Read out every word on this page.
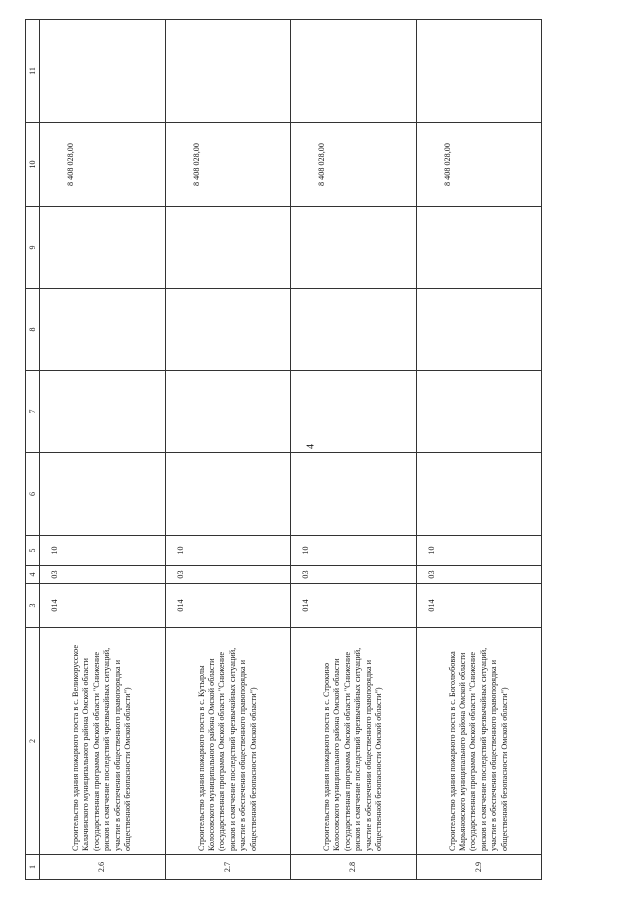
4
1	2	3	4	5	6	7	8	9	10	11
2.6	Строительство здания пожарного поста в с. Великорусское Калачинского муниципального района Омской области (государственная программа Омской области "Снижение рисков и смягчение последствий чрезвычайных ситуаций, участие в обеспечении общественного правопорядка и общественной безопасности Омской области")	014	03	10					8 408 028,00	
2.7	Строительство здания пожарного поста в с. Кутырлы Колосовского муниципального района Омской области (государственная программа Омской области "Снижение рисков и смягчение последствий чрезвычайных ситуаций, участие в обеспечении общественного правопорядка и общественной безопасности Омской области")	014	03	10					8 408 028,00	
2.8	Строительство здания пожарного поста в с. Строкино Колосовского муниципального района Омской области (государственная программа Омской области "Снижение рисков и смягчение последствий чрезвычайных ситуаций, участие в обеспечении общественного правопорядка и общественной безопасности Омской области")	014	03	10					8 408 028,00	
2.9	Строительство здания пожарного поста в с. Боголюбовка Марьяновского муниципального района Омской области (государственная программа Омской области "Снижение рисков и смягчение последствий чрезвычайных ситуаций, участие в обеспечении общественного правопорядка и общественной безопасности Омской области")	014	03	10					8 408 028,00	
